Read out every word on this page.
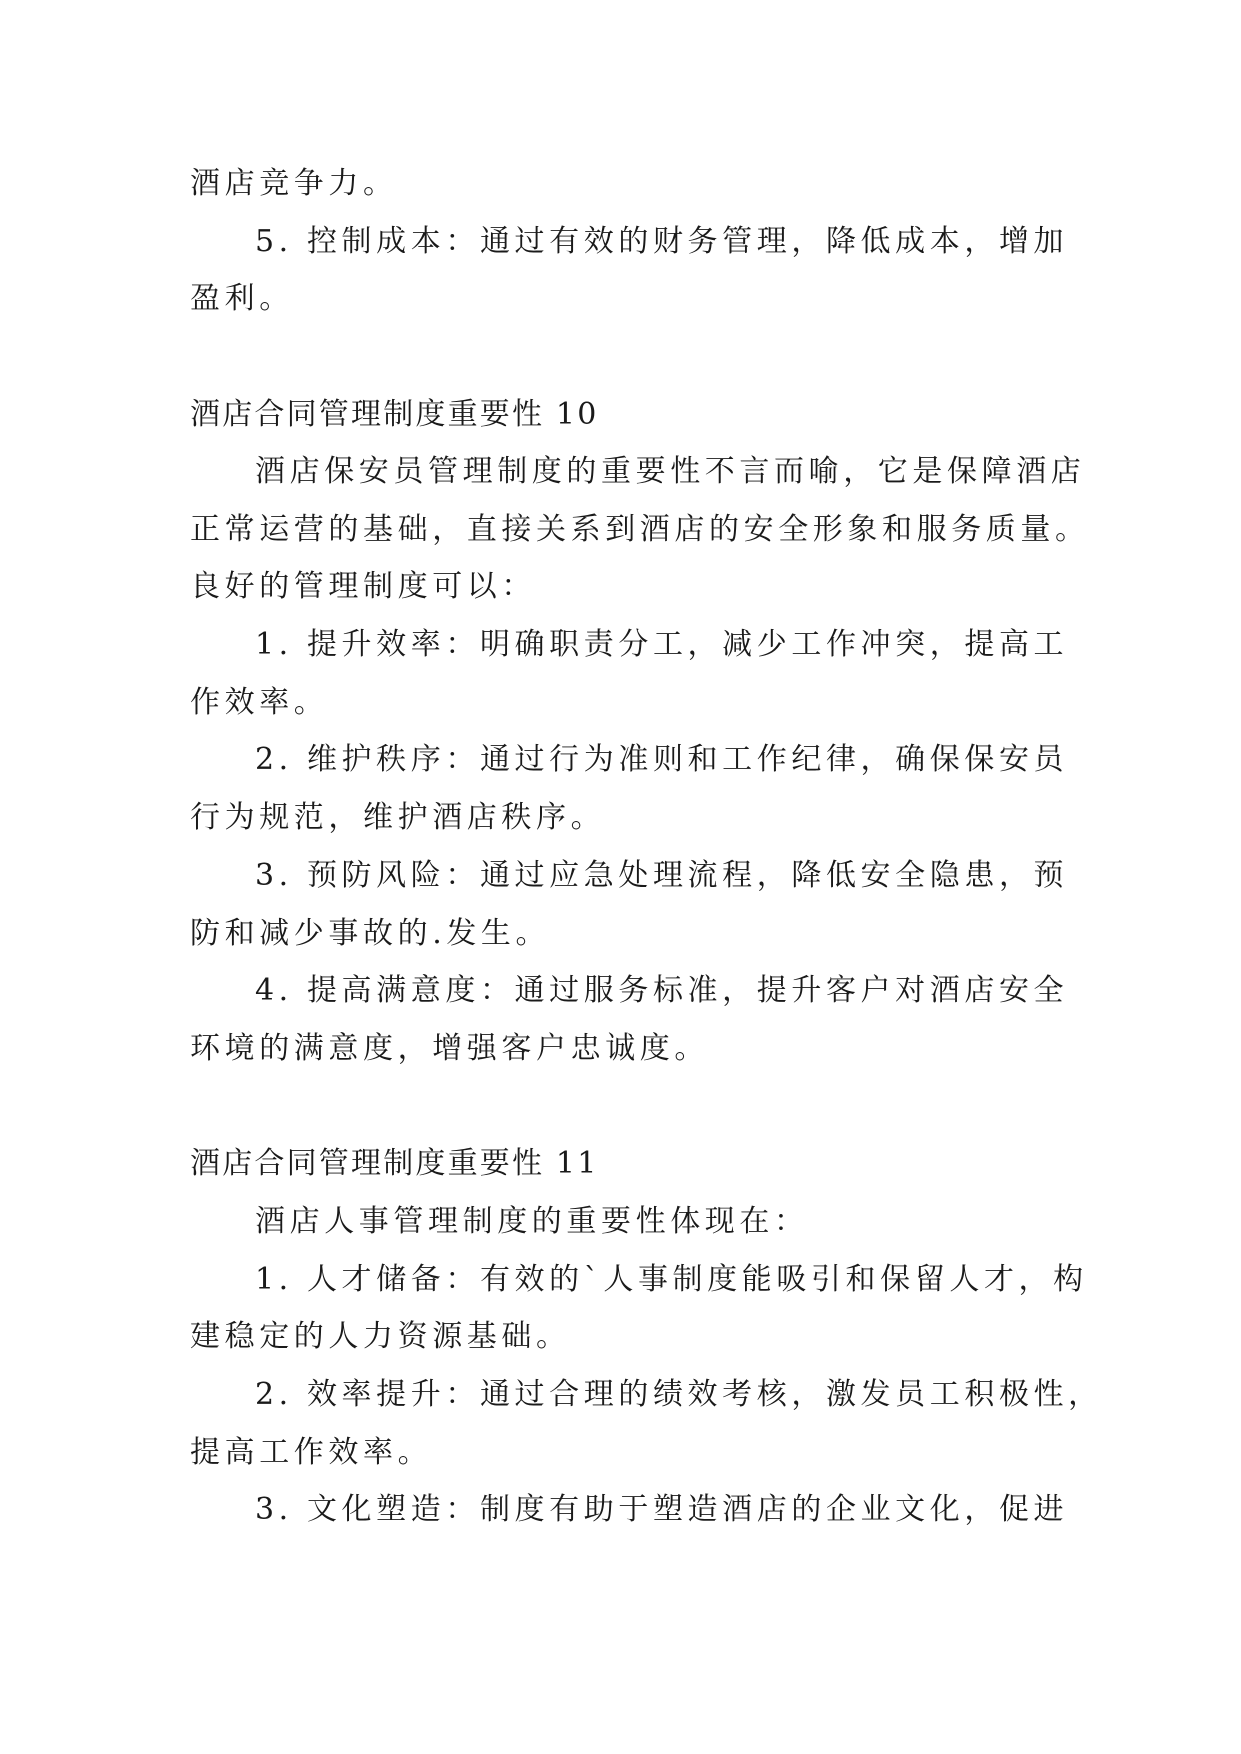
酒店竞争力。
5. 控制成本：通过有效的财务管理，降低成本，增加
盈利。
酒店合同管理制度重要性 10
酒店保安员管理制度的重要性不言而喻，它是保障酒店
正常运营的基础，直接关系到酒店的安全形象和服务质量。
良好的管理制度可以：
1. 提升效率：明确职责分工，减少工作冲突，提高工
作效率。
2. 维护秩序：通过行为准则和工作纪律，确保保安员
行为规范，维护酒店秩序。
3. 预防风险：通过应急处理流程，降低安全隐患，预
防和减少事故的.发生。
4. 提高满意度：通过服务标准，提升客户对酒店安全
环境的满意度，增强客户忠诚度。
酒店合同管理制度重要性 11
酒店人事管理制度的重要性体现在：
1. 人才储备：有效的`人事制度能吸引和保留人才，构
建稳定的人力资源基础。
2. 效率提升：通过合理的绩效考核，激发员工积极性，
提高工作效率。
3. 文化塑造：制度有助于塑造酒店的企业文化，促进
